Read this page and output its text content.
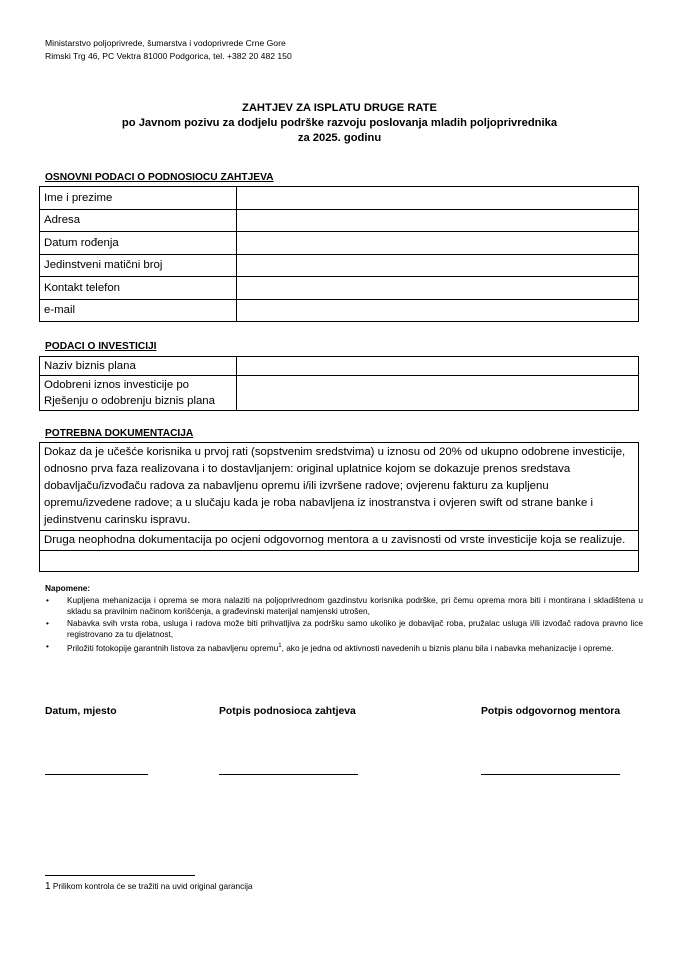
Ministarstvo poljoprivrede, šumarstva i vodoprivrede Crne Gore
Rimski Trg 46, PC Vektra 81000 Podgorica, tel. +382 20 482 150
ZAHTJEV ZA ISPLATU DRUGE RATE
po Javnom pozivu za dodjelu podrške razvoju poslovanja mladih poljoprivrednika
za 2025. godinu
OSNOVNI PODACI O PODNOSIOCU ZAHTJEVA
Ime i prezime	
Adresa	
Datum rođenja	
Jedinstveni matični broj	
Kontakt telefon	
e-mail	
PODACI O INVESTICIJI
Naziv biznis plana	
Odobreni iznos investicije po Rješenju o odobrenju biznis plana	
POTREBNA DOKUMENTACIJA
Dokaz da je učešće korisnika u prvoj rati (sopstvenim sredstvima) u iznosu od 20% od ukupno odobrene investicije, odnosno prva faza realizovana i to dostavljanjem: original uplatnice kojom se dokazuje prenos sredstava dobavljaču/izvođaču radova za nabavljenu opremu i/ili izvršene radove; ovjerenu fakturu za kupljenu opremu/izvedene radove; a u slučaju kada je roba nabavljena iz inostranstva i ovjeren swift od strane banke i jedinstvenu carinsku ispravu.
Druga neophodna dokumentacija po ocjeni odgovornog mentora a u zavisnosti od vrste investicije koja se realizuje.
Napomene:
• Kupljena mehanizacija i oprema se mora nalaziti na poljoprivrednom gazdinstvu korisnika podrške, pri čemu oprema mora biti i montirana i skladištena u skladu sa pravilnim načinom korišćenja, a građevinski materijal namjenski utrošen,
• Nabavka svih vrsta roba, usluga i radova može biti prihvatljiva za podršku samo ukoliko je dobavljač roba, pružalac usluga i/ili izvođač radova pravno lice registrovano za tu djelatnost,
• Priložiti fotokopije garantnih listova za nabavljenu opremu$^1$, ako je jedna od aktivnosti navedenih u biznis planu bila i nabavka mehanizacije i opreme.
Datum, mjesto	Potpis podnosioca zahtjeva	Potpis odgovornog mentora
1 Prilikom kontrola će se tražiti na uvid original garancija
